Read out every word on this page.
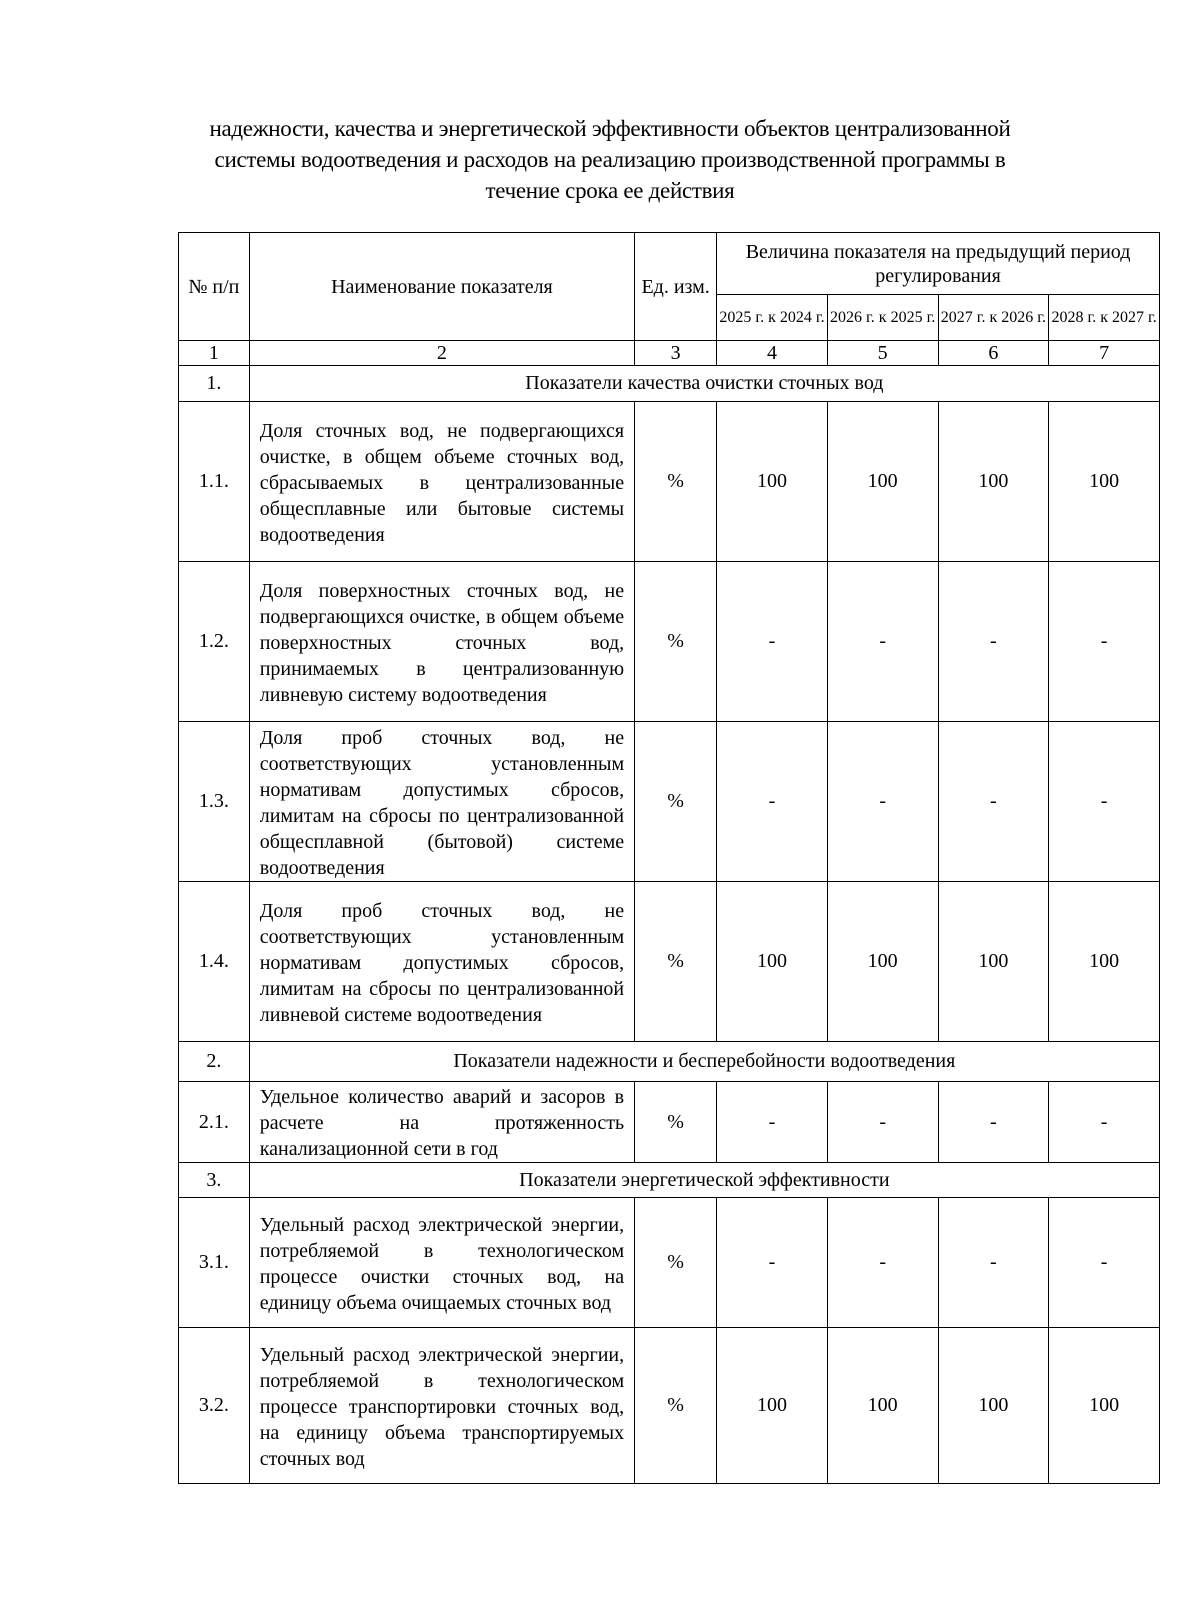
надежности, качества и энергетической эффективности объектов централизованной
системы водоотведения и расходов на реализацию производственной программы в
течение срока ее действия
№ п/п	Наименование показателя	Ед. изм.	Величина показателя на предыдущий период регулирования			
			2025 г. к 2024 г.	2026 г. к 2025 г.	2027 г. к 2026 г.	2028 г. к 2027 г.
1	2	3	4	5	6	7
1.	Показатели качества очистки сточных вод					
1.1.	Доля сточных вод, не подвергающихся очистке, в общем объеме сточных вод, сбрасываемых в централизованные общесплавные или бытовые системы водоотведения	%	100	100	100	100
1.2.	Доля поверхностных сточных вод, не подвергающихся очистке, в общем объеме поверхностных сточных вод, принимаемых в централизованную ливневую систему водоотведения	%	-	-	-	-
1.3.	Доля проб сточных вод, не соответствующих установленным нормативам допустимых сбросов, лимитам на сбросы по централизованной общесплавной (бытовой) системе водоотведения	%	-	-	-	-
1.4.	Доля проб сточных вод, не соответствующих установленным нормативам допустимых сбросов, лимитам на сбросы по централизованной ливневой системе водоотведения	%	100	100	100	100
2.	Показатели надежности и бесперебойности водоотведения					
2.1.	Удельное количество аварий и засоров в расчете на протяженность канализационной сети в год	%	-	-	-	-
3.	Показатели энергетической эффективности					
3.1.	Удельный расход электрической энергии, потребляемой в технологическом процессе очистки сточных вод, на единицу объема очищаемых сточных вод	%	-	-	-	-
3.2.	Удельный расход электрической энергии, потребляемой в технологическом процессе транспортировки сточных вод, на единицу объема транспортируемых сточных вод	%	100	100	100	100
